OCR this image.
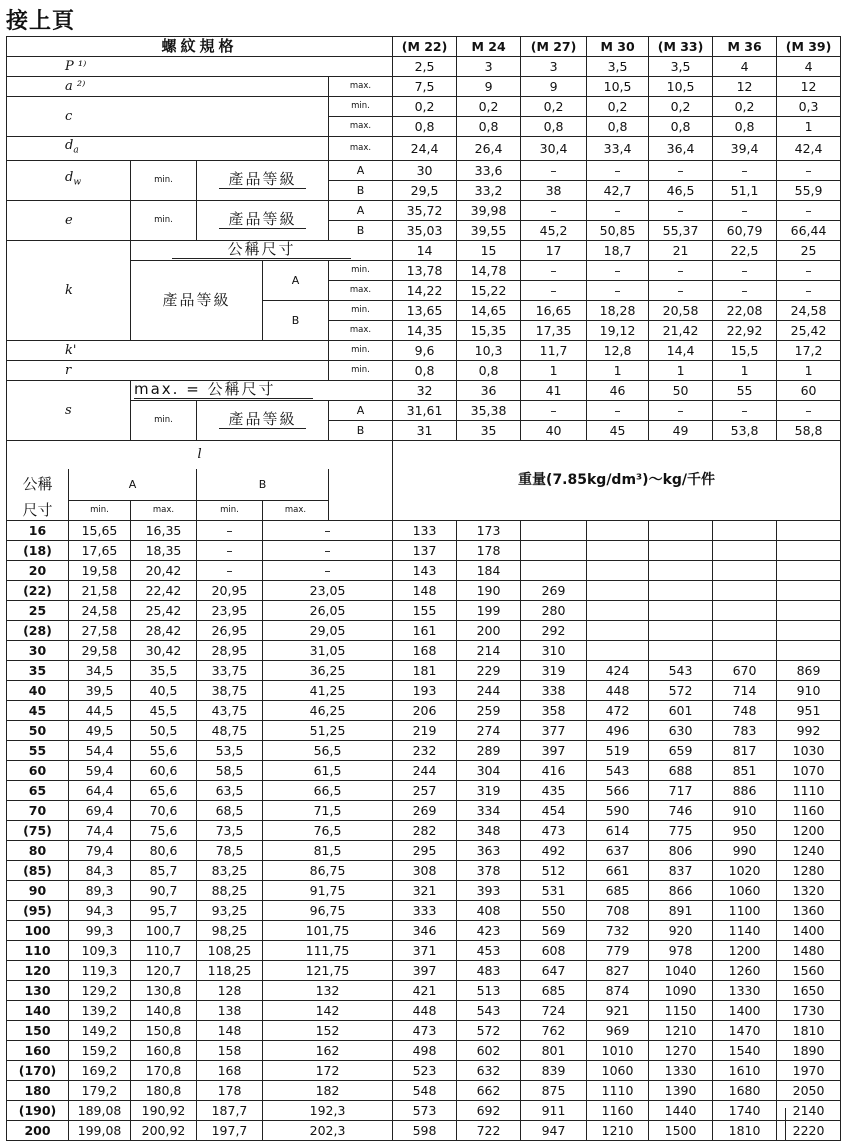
接上頁
螺紋規格						(M 22)	M 24	(M 27)	M 30	(M 33)	M 36	(M 39)
P ¹⁾						2,5	3	3	3,5	3,5	4	4
a ²⁾					max.	7,5	9	9	10,5	10,5	12	12
c					min.	0,2	0,2	0,2	0,2	0,2	0,2	0,3
					max.	0,8	0,8	0,8	0,8	0,8	0,8	1
$d_a$					max.	24,4	26,4	30,4	33,4	36,4	39,4	42,4
$d_w$		min.	產品等級		A	30	33,6	–	–	–	–	–
					B	29,5	33,2	38	42,7	46,5	51,1	55,9
e		min.	產品等級		A	35,72	39,98	–	–	–	–	–
					B	35,03	39,55	45,2	50,85	55,37	60,79	66,44
k		公稱尺寸				14	15	17	18,7	21	22,5	25
		產品等級		A	min.	13,78	14,78	–	–	–	–	–
					max.	14,22	15,22	–	–	–	–	–
				B	min.	13,65	14,65	16,65	18,28	20,58	22,08	24,58
					max.	14,35	15,35	17,35	19,12	21,42	22,92	25,42
k'					min.	9,6	10,3	11,7	12,8	14,4	15,5	17,2
r					min.	0,8	0,8	1	1	1	1	1
s		max. = 公稱尺寸				32	36	41	46	50	55	60
		min.	產品等級		A	31,61	35,38	–	–	–	–	–
					B	31	35	40	45	49	53,8	58,8
l						重量(7.85kg/dm³)～kg/千件						
公稱	A		B									
尺寸	min.	max.	min.	max.								
16	15,65	16,35	–	–		133	173					
(18)	17,65	18,35	–	–		137	178					
20	19,58	20,42	–	–		143	184					
(22)	21,58	22,42	20,95	23,05		148	190	269				
25	24,58	25,42	23,95	26,05		155	199	280				
(28)	27,58	28,42	26,95	29,05		161	200	292				
30	29,58	30,42	28,95	31,05		168	214	310				
35	34,5	35,5	33,75	36,25		181	229	319	424	543	670	869
40	39,5	40,5	38,75	41,25		193	244	338	448	572	714	910
45	44,5	45,5	43,75	46,25		206	259	358	472	601	748	951
50	49,5	50,5	48,75	51,25		219	274	377	496	630	783	992
55	54,4	55,6	53,5	56,5		232	289	397	519	659	817	1030
60	59,4	60,6	58,5	61,5		244	304	416	543	688	851	1070
65	64,4	65,6	63,5	66,5		257	319	435	566	717	886	1110
70	69,4	70,6	68,5	71,5		269	334	454	590	746	910	1160
(75)	74,4	75,6	73,5	76,5		282	348	473	614	775	950	1200
80	79,4	80,6	78,5	81,5		295	363	492	637	806	990	1240
(85)	84,3	85,7	83,25	86,75		308	378	512	661	837	1020	1280
90	89,3	90,7	88,25	91,75		321	393	531	685	866	1060	1320
(95)	94,3	95,7	93,25	96,75		333	408	550	708	891	1100	1360
100	99,3	100,7	98,25	101,75		346	423	569	732	920	1140	1400
110	109,3	110,7	108,25	111,75		371	453	608	779	978	1200	1480
120	119,3	120,7	118,25	121,75		397	483	647	827	1040	1260	1560
130	129,2	130,8	128	132		421	513	685	874	1090	1330	1650
140	139,2	140,8	138	142		448	543	724	921	1150	1400	1730
150	149,2	150,8	148	152		473	572	762	969	1210	1470	1810
160	159,2	160,8	158	162		498	602	801	1010	1270	1540	1890
(170)	169,2	170,8	168	172		523	632	839	1060	1330	1610	1970
180	179,2	180,8	178	182		548	662	875	1110	1390	1680	2050
(190)	189,08	190,92	187,7	192,3		573	692	911	1160	1440	1740	2140
200	199,08	200,92	197,7	202,3		598	722	947	1210	1500	1810	2220
